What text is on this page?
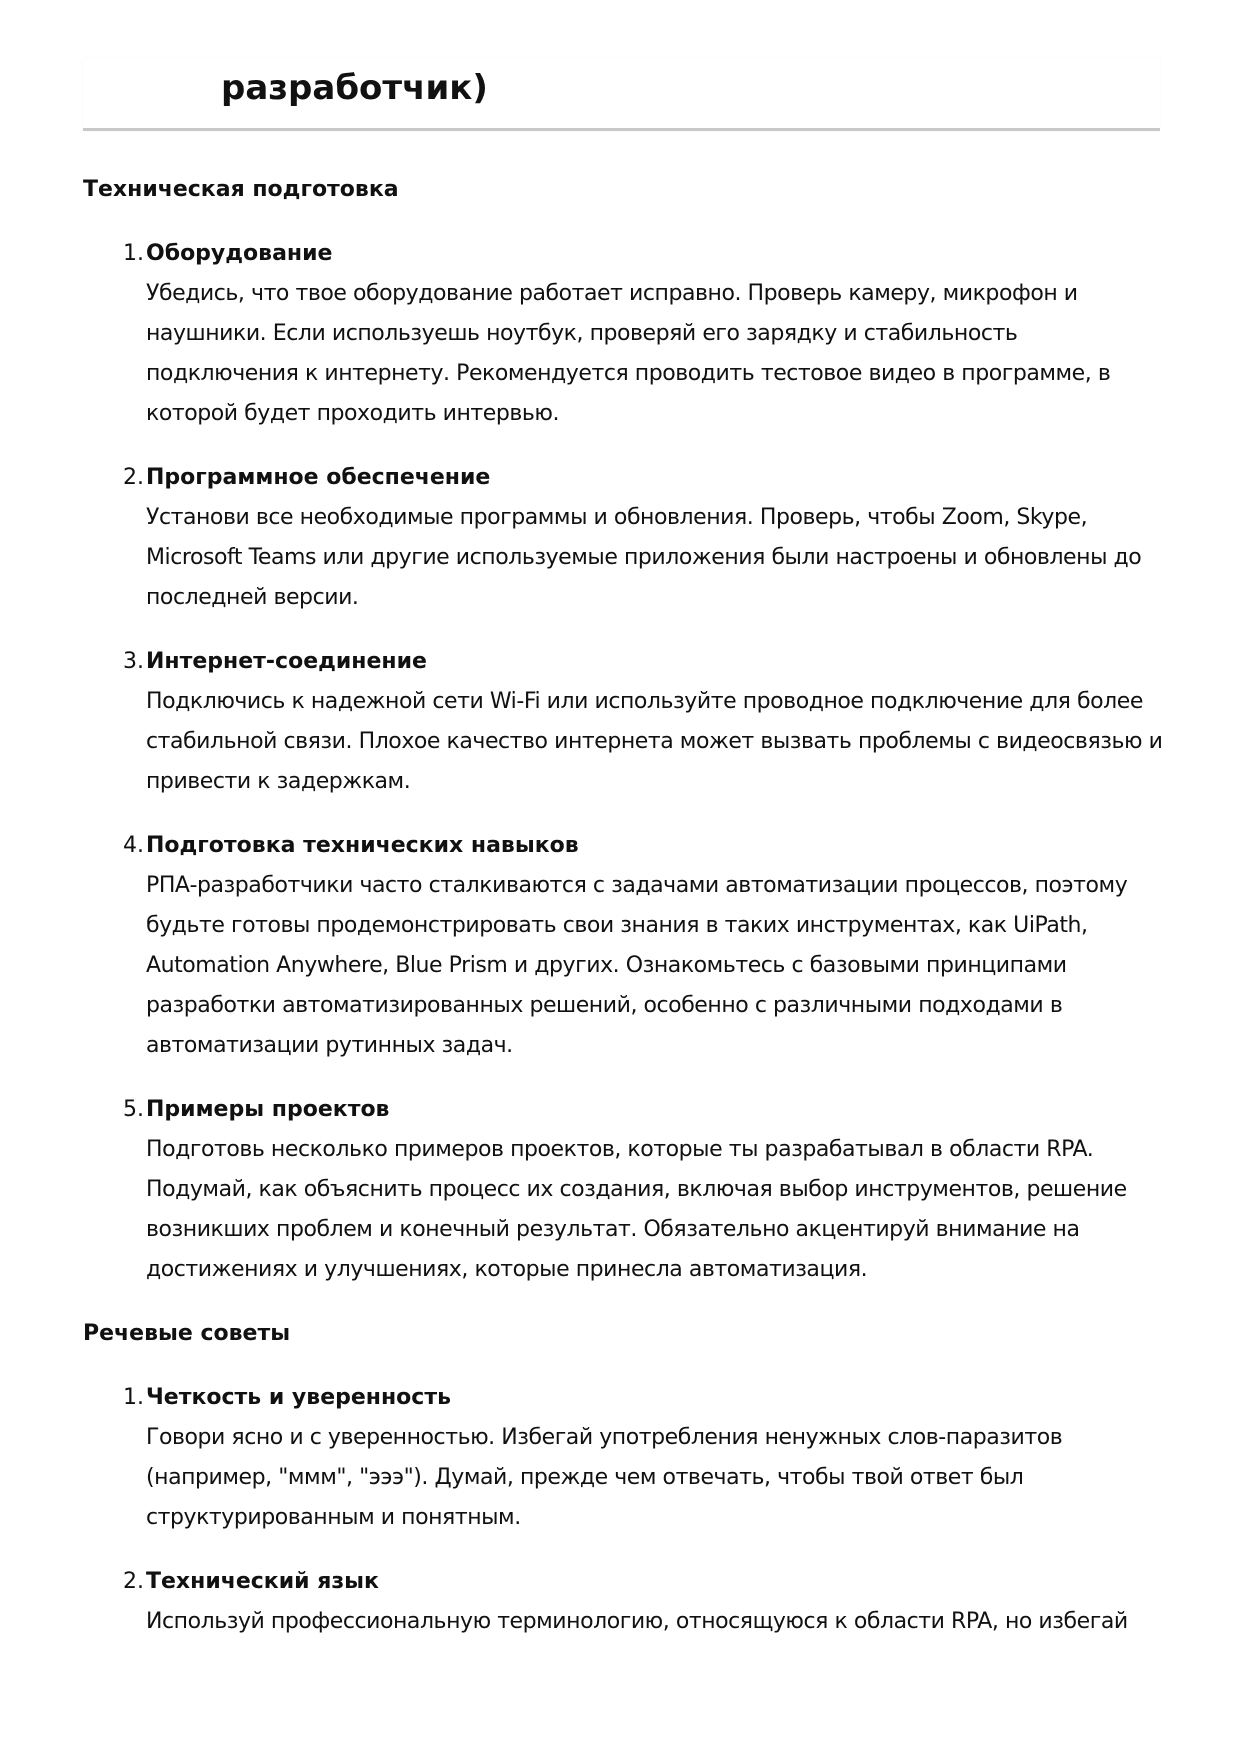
разработчик)
Техническая подготовка
1. Оборудование

Убедись, что твое оборудование работает исправно. Проверь камеру, микрофон и наушники. Если используешь ноутбук, проверяй его зарядку и стабильность подключения к интернету. Рекомендуется проводить тестовое видео в программе, в которой будет проходить интервью.

2. Программное обеспечение

Установи все необходимые программы и обновления. Проверь, чтобы Zoom, Skype, Microsoft Teams или другие используемые приложения были настроены и обновлены до последней версии.

3. Интернет-соединение

Подключись к надежной сети Wi-Fi или используйте проводное подключение для более стабильной связи. Плохое качество интернета может вызвать проблемы с видеосвязью и привести к задержкам.

4. Подготовка технических навыков

РПА-разработчики часто сталкиваются с задачами автоматизации процессов, поэтому будьте готовы продемонстрировать свои знания в таких инструментах, как UiPath, Automation Anywhere, Blue Prism и других. Ознакомьтесь с базовыми принципами разработки автоматизированных решений, особенно с различными подходами в автоматизации рутинных задач.

5. Примеры проектов

Подготовь несколько примеров проектов, которые ты разрабатывал в области RPA. Подумай, как объяснить процесс их создания, включая выбор инструментов, решение возникших проблем и конечный результат. Обязательно акцентируй внимание на достижениях и улучшениях, которые принесла автоматизация.

Речевые советы
1. Четкость и уверенность

Говори ясно и с уверенностью. Избегай употребления ненужных слов-паразитов (например, "ммм", "эээ"). Думай, прежде чем отвечать, чтобы твой ответ был структурированным и понятным.

2. Технический язык

Используй профессиональную терминологию, относящуюся к области RPA, но избегай
